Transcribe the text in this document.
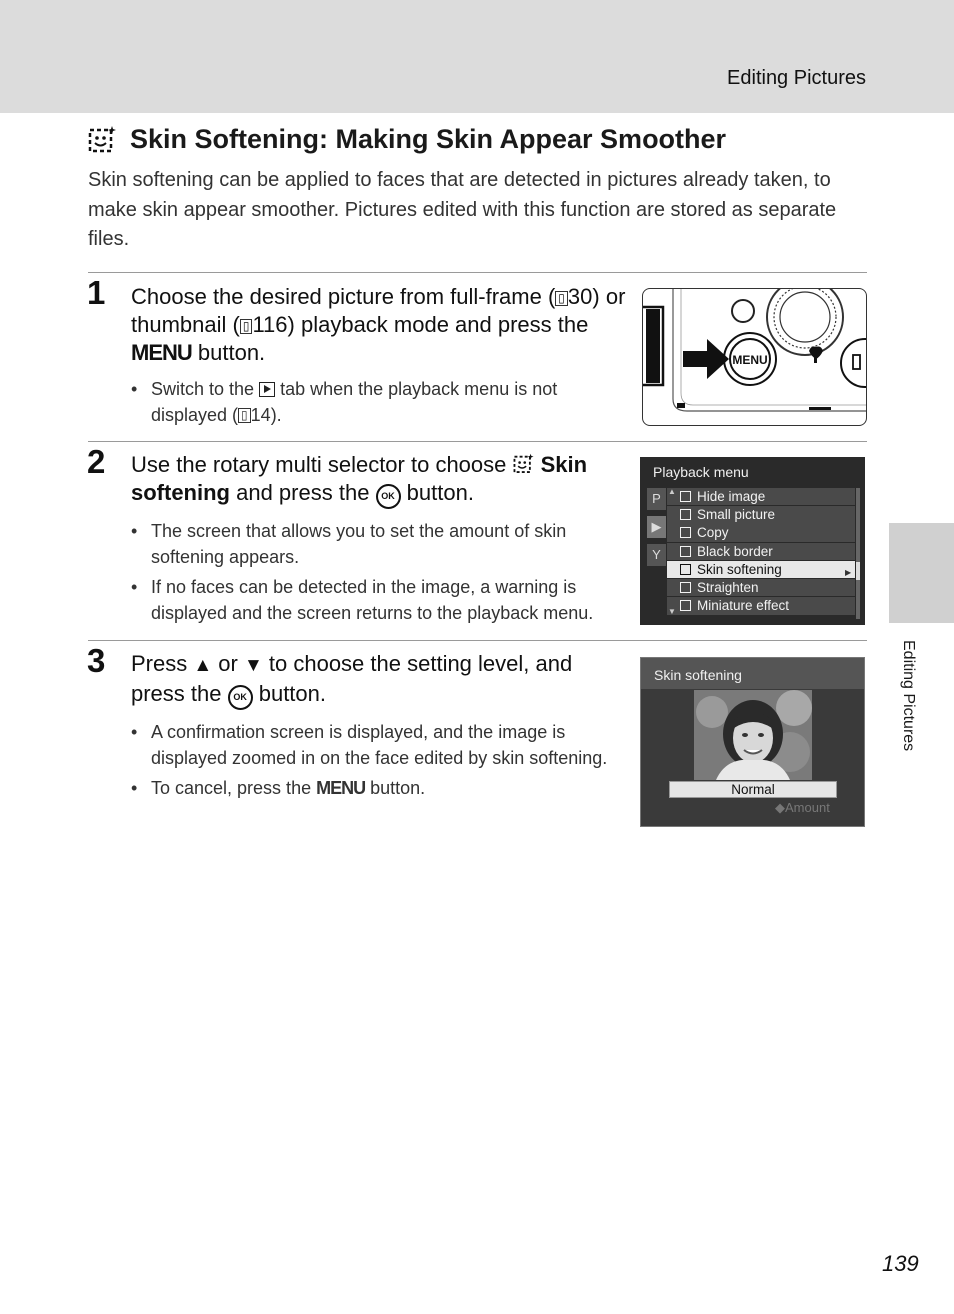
Editing Pictures
Editing Pictures
Skin Softening: Making Skin Appear Smoother
Skin softening can be applied to faces that are detected in pictures already taken, to make skin appear smoother. Pictures edited with this function are stored as separate files.
1 Choose the desired picture from full-frame ( ▯ 30) or thumbnail ( ▯ 116) playback mode and press the MENU button.
• Switch to the  tab when the playback menu is not displayed ( ▯ 14).
MENU
2 Use the rotary multi selector to choose  Skin softening and press the OK button.
• The screen that allows you to set the amount of skin softening appears.
• If no faces can be detected in the image, a warning is displayed and the screen returns to the playback menu.
Playback menu
P
▶
Y
Hide image
Small picture
Copy
Black border
Skin softening
Straighten
Miniature effect
▲
▼
▶
3 Press ▲ or ▼ to choose the setting level, and press the OK button.
• A confirmation screen is displayed, and the image is displayed zoomed in on the face edited by skin softening.
• To cancel, press the MENU button.
Skin softening
Normal
◆Amount
139
